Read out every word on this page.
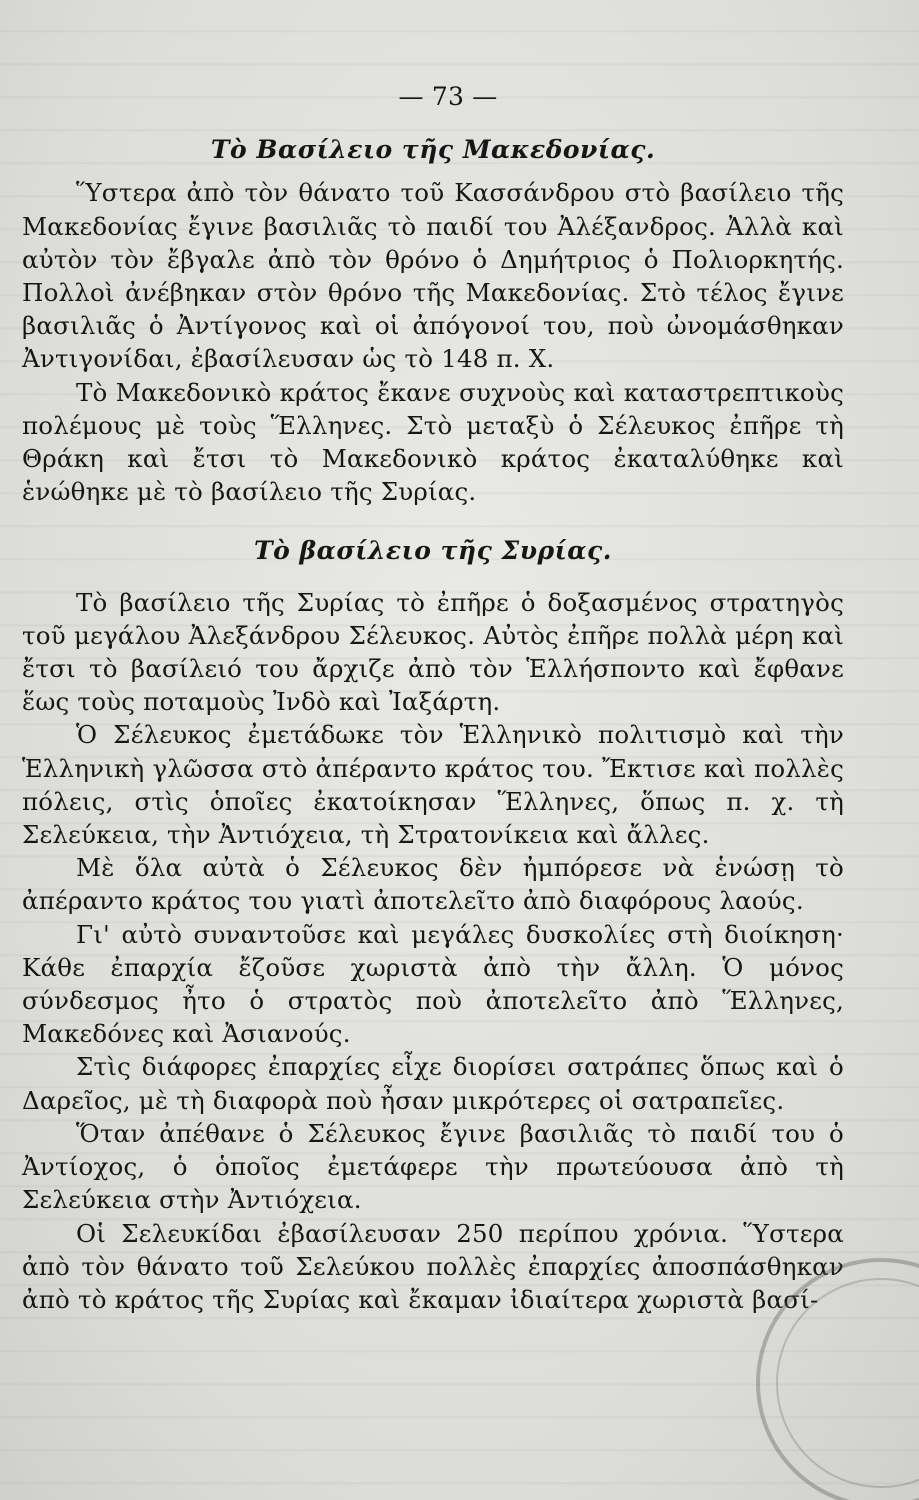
— 73 —
Τὸ Βασίλειο τῆς Μακεδονίας.

Ὕστερα ἀπὸ τὸν θάνατο τοῦ Κασσάνδρου στὸ βασίλειο τῆς Μακεδονίας ἔγινε βασιλιᾶς τὸ παιδί του Ἀλέξανδρος. Ἀλλὰ καὶ αὐτὸν τὸν ἔβγαλε ἀπὸ τὸν θρόνο ὁ Δημήτριος ὁ Πολιορκητής. Πολλοὶ ἀνέβηκαν στὸν θρόνο τῆς Μακεδονίας. Στὸ τέλος ἔγινε βασιλιᾶς ὁ Ἀντίγονος καὶ οἱ ἀπόγονοί του, ποὺ ὠνομάσθηκαν Ἀντιγονίδαι, ἐβασίλευσαν ὡς τὸ 148 π. Χ.

Τὸ Μακεδονικὸ κράτος ἔκανε συχνοὺς καὶ καταστρεπτικοὺς πολέμους μὲ τοὺς Ἕλληνες. Στὸ μεταξὺ ὁ Σέλευκος ἐπῆρε τὴ Θράκη καὶ ἔτσι τὸ Μακεδονικὸ κράτος ἐκαταλύθηκε καὶ ἑνώθηκε μὲ τὸ βασίλειο τῆς Συρίας.

Τὸ βασίλειο τῆς Συρίας.

Τὸ βασίλειο τῆς Συρίας τὸ ἐπῆρε ὁ δοξασμένος στρατηγὸς τοῦ μεγάλου Ἀλεξάνδρου Σέλευκος. Αὐτὸς ἐπῆρε πολλὰ μέρη καὶ ἔτσι τὸ βασίλειό του ἄρχιζε ἀπὸ τὸν Ἑλλήσποντο καὶ ἔφθανε ἕως τοὺς ποταμοὺς Ἰνδὸ καὶ Ἰαξάρτη.

Ὁ Σέλευκος ἐμετάδωκε τὸν Ἑλληνικὸ πολιτισμὸ καὶ τὴν Ἑλληνικὴ γλῶσσα στὸ ἀπέραντο κράτος του. Ἔκτισε καὶ πολλὲς πόλεις, στὶς ὁποῖες ἐκατοίκησαν Ἕλληνες, ὅπως π. χ. τὴ Σελεύκεια, τὴν Ἀντιόχεια, τὴ Στρατονίκεια καὶ ἄλλες.

Μὲ ὅλα αὐτὰ ὁ Σέλευκος δὲν ἠμπόρεσε νὰ ἑνώσῃ τὸ ἀπέραντο κράτος του γιατὶ ἀποτελεῖτο ἀπὸ διαφόρους λαούς.

Γι' αὐτὸ συναντοῦσε καὶ μεγάλες δυσκολίες στὴ διοίκηση· Κάθε ἐπαρχία ἔζοῦσε χωριστὰ ἀπὸ τὴν ἄλλη. Ὁ μόνος σύνδεσμος ἦτο ὁ στρατὸς ποὺ ἀποτελεῖτο ἀπὸ Ἕλληνες, Μακεδόνες καὶ Ἀσιανούς.

Στὶς διάφορες ἐπαρχίες εἶχε διορίσει σατράπες ὅπως καὶ ὁ Δαρεῖος, μὲ τὴ διαφορὰ ποὺ ἦσαν μικρότερες οἱ σατραπεῖες.

Ὅταν ἀπέθανε ὁ Σέλευκος ἔγινε βασιλιᾶς τὸ παιδί του ὁ Ἀντίοχος, ὁ ὁποῖος ἐμετάφερε τὴν πρωτεύουσα ἀπὸ τὴ Σελεύκεια στὴν Ἀντιόχεια.

Οἱ Σελευκίδαι ἐβασίλευσαν 250 περίπου χρόνια. Ὕστερα ἀπὸ τὸν θάνατο τοῦ Σελεύκου πολλὲς ἐπαρχίες ἀποσπάσθηκαν ἀπὸ τὸ κράτος τῆς Συρίας καὶ ἔκαμαν ἰδιαίτερα χωριστὰ βασί-
